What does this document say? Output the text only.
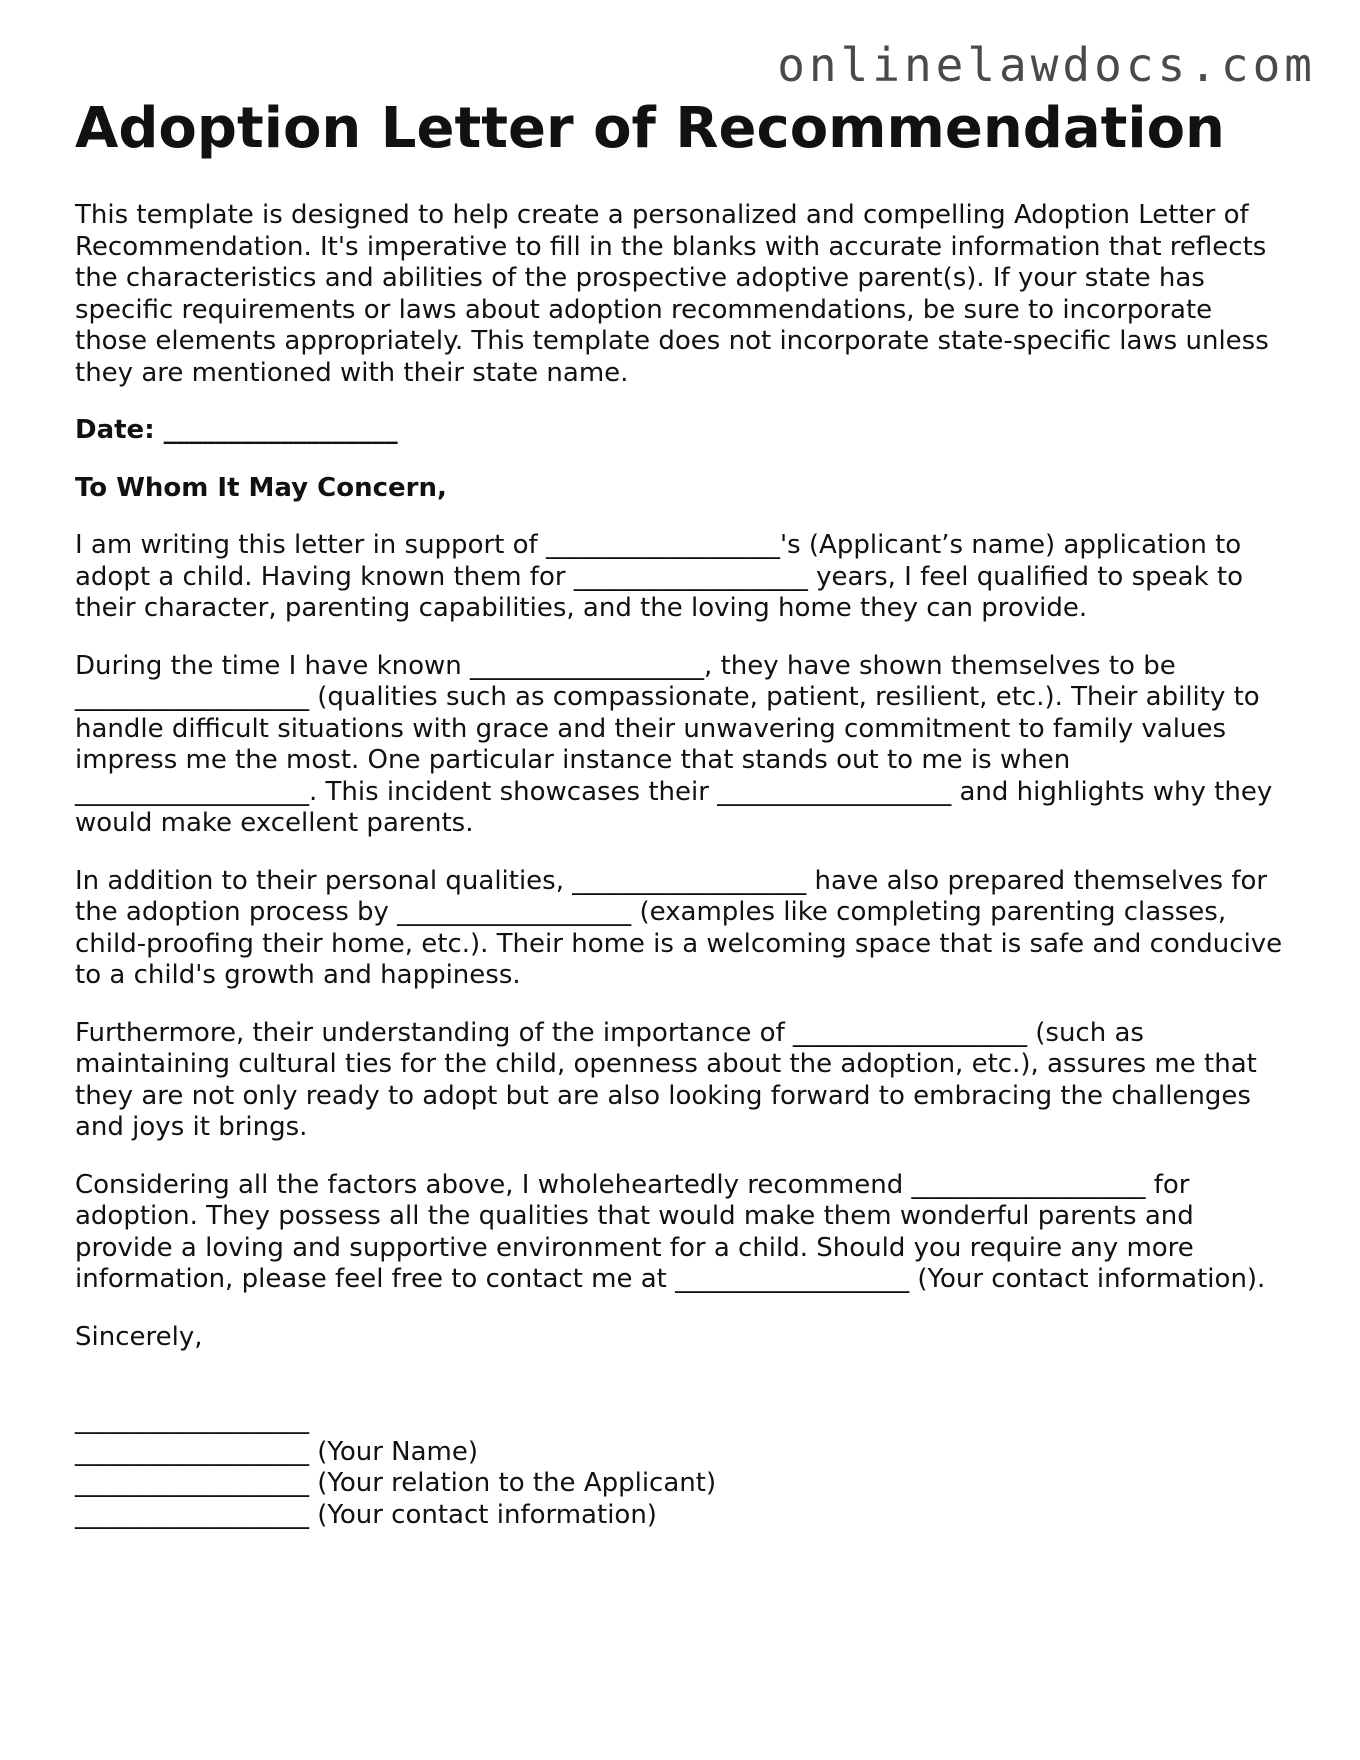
onlinelawdocs.com
Adoption Letter of Recommendation

This template is designed to help create a personalized and compelling Adoption Letter of Recommendation. It's imperative to fill in the blanks with accurate information that reflects the characteristics and abilities of the prospective adoptive parent(s). If your state has specific requirements or laws about adoption recommendations, be sure to incorporate those elements appropriately. This template does not incorporate state-specific laws unless they are mentioned with their state name.

Date: __________________

To Whom It May Concern,

I am writing this letter in support of __________________'s (Applicant’s name) application to adopt a child. Having known them for __________________ years, I feel qualified to speak to their character, parenting capabilities, and the loving home they can provide.

During the time I have known __________________, they have shown themselves to be __________________ (qualities such as compassionate, patient, resilient, etc.). Their ability to handle difficult situations with grace and their unwavering commitment to family values impress me the most. One particular instance that stands out to me is when __________________. This incident showcases their __________________ and highlights why they would make excellent parents.

In addition to their personal qualities, __________________ have also prepared themselves for the adoption process by __________________ (examples like completing parenting classes, child-proofing their home, etc.). Their home is a welcoming space that is safe and conducive to a child's growth and happiness.

Furthermore, their understanding of the importance of __________________ (such as maintaining cultural ties for the child, openness about the adoption, etc.), assures me that they are not only ready to adopt but are also looking forward to embracing the challenges and joys it brings.

Considering all the factors above, I wholeheartedly recommend __________________ for adoption. They possess all the qualities that would make them wonderful parents and provide a loving and supportive environment for a child. Should you require any more information, please feel free to contact me at __________________ (Your contact information).

Sincerely,

__________________
__________________ (Your Name)
__________________ (Your relation to the Applicant)
__________________ (Your contact information)
